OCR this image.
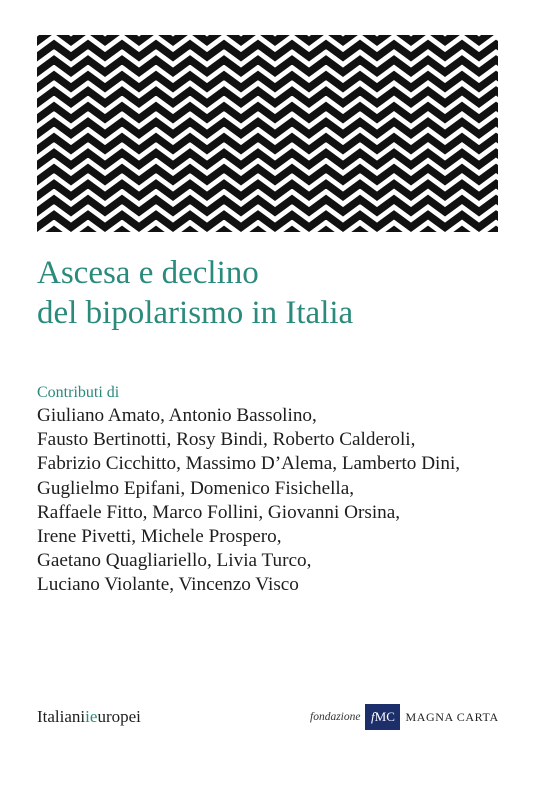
Ascesa e declino
del bipolarismo in Italia
Contributi di
Giuliano Amato, Antonio Bassolino,
Fausto Bertinotti, Rosy Bindi, Roberto Calderoli,
Fabrizio Cicchitto, Massimo D’Alema, Lamberto Dini,
Guglielmo Epifani, Domenico Fisichella,
Raffaele Fitto, Marco Follini, Giovanni Orsina,
Irene Pivetti, Michele Prospero,
Gaetano Quagliariello, Livia Turco,
Luciano Violante, Vincenzo Visco
Italianiieuropei	fondazione f MC MAGNA CARTA
